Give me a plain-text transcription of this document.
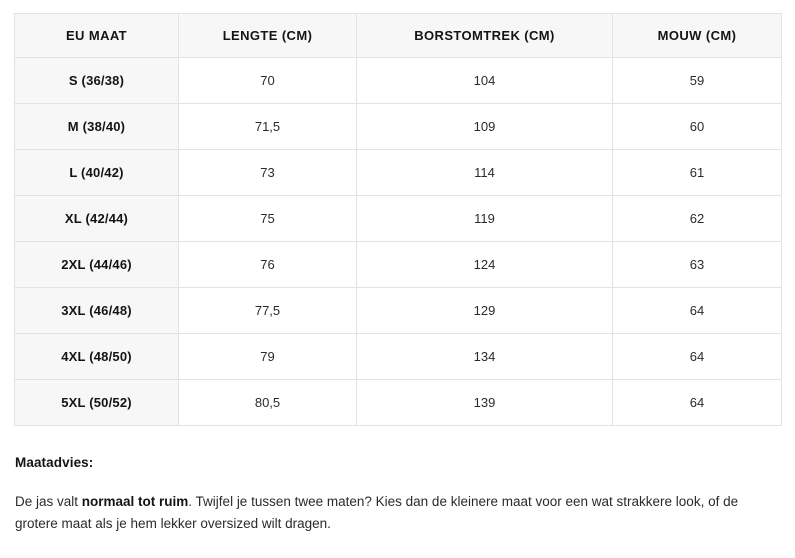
EU MAAT	LENGTE (CM)	BORSTOMTREK (CM)	MOUW (CM)
S (36/38)	70	104	59
M (38/40)	71,5	109	60
L (40/42)	73	114	61
XL (42/44)	75	119	62
2XL (44/46)	76	124	63
3XL (46/48)	77,5	129	64
4XL (48/50)	79	134	64
5XL (50/52)	80,5	139	64
Maatadvies:

De jas valt normaal tot ruim. Twijfel je tussen twee maten? Kies dan de kleinere maat voor een wat strakkere look, of de grotere maat als je hem lekker oversized wilt dragen.
